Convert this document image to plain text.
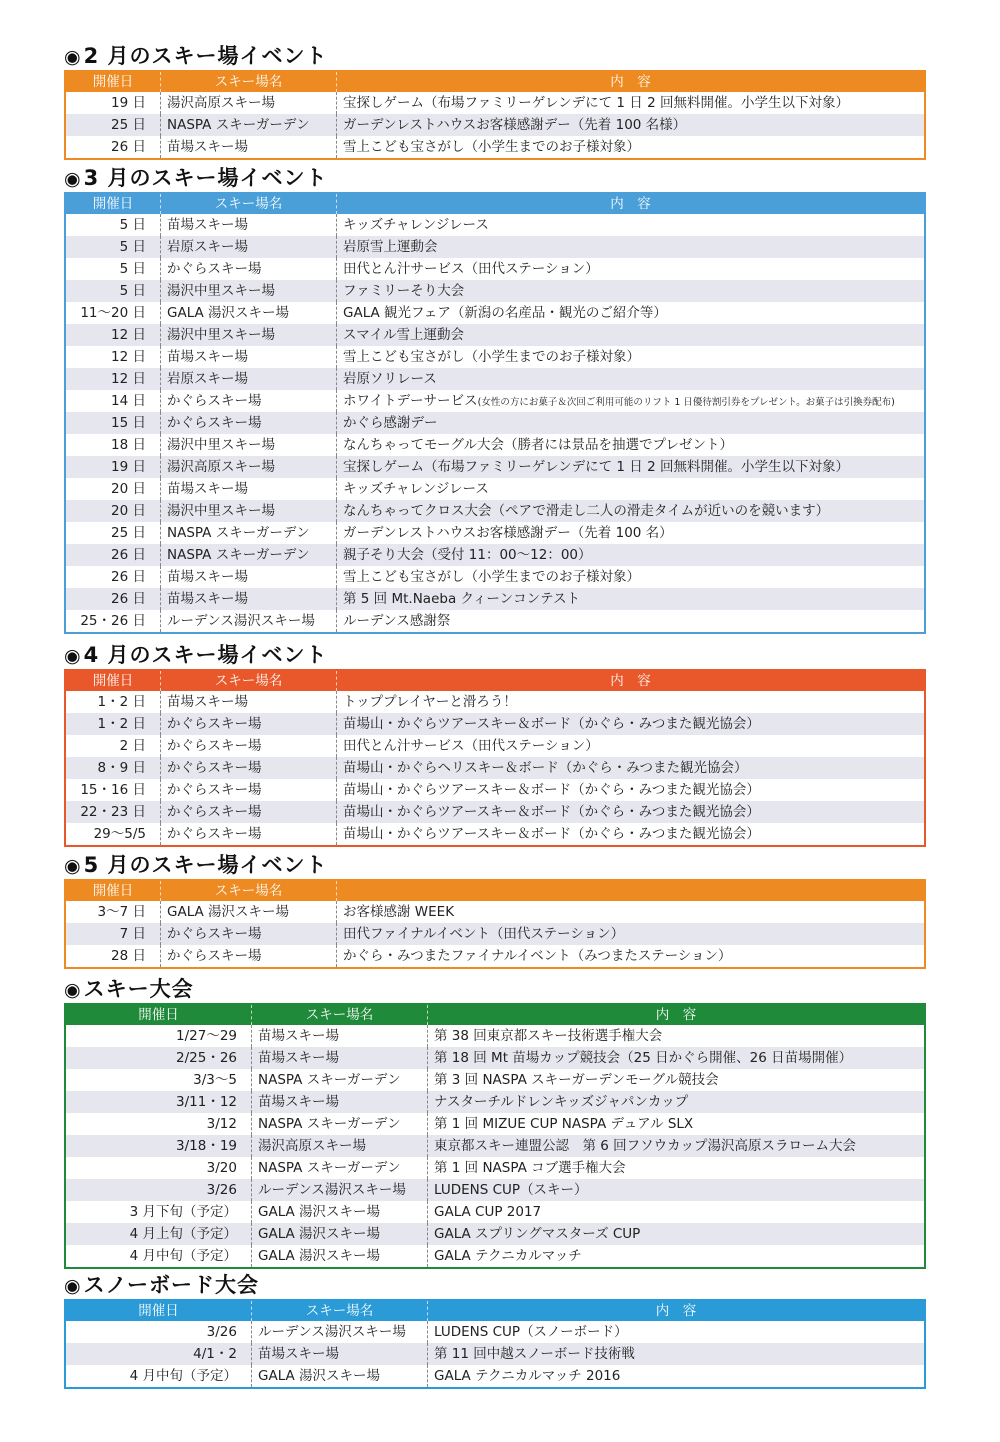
◉2 月のスキー場イベント
開催日	スキー場名	内　容
19 日	湯沢高原スキー場	宝探しゲーム（布場ファミリーゲレンデにて 1 日 2 回無料開催。小学生以下対象）
25 日	NASPA スキーガーデン	ガーデンレストハウスお客様感謝デー（先着 100 名様）
26 日	苗場スキー場	雪上こども宝さがし（小学生までのお子様対象）
◉3 月のスキー場イベント
開催日	スキー場名	内　容
5 日	苗場スキー場	キッズチャレンジレース
5 日	岩原スキー場	岩原雪上運動会
5 日	かぐらスキー場	田代とん汁サービス（田代ステーション）
5 日	湯沢中里スキー場	ファミリーそり大会
11～20 日	GALA 湯沢スキー場	GALA 観光フェア（新潟の名産品・観光のご紹介等）
12 日	湯沢中里スキー場	スマイル雪上運動会
12 日	苗場スキー場	雪上こども宝さがし（小学生までのお子様対象）
12 日	岩原スキー場	岩原ソリレース
14 日	かぐらスキー場	ホワイトデーサービス(女性の方にお菓子＆次回ご利用可能のリフト 1 日優待割引券をプレゼント。お菓子は引換券配布)
15 日	かぐらスキー場	かぐら感謝デー
18 日	湯沢中里スキー場	なんちゃってモーグル大会（勝者には景品を抽選でプレゼント）
19 日	湯沢高原スキー場	宝探しゲーム（布場ファミリーゲレンデにて 1 日 2 回無料開催。小学生以下対象）
20 日	苗場スキー場	キッズチャレンジレース
20 日	湯沢中里スキー場	なんちゃってクロス大会（ペアで滑走し二人の滑走タイムが近いのを競います）
25 日	NASPA スキーガーデン	ガーデンレストハウスお客様感謝デー（先着 100 名）
26 日	NASPA スキーガーデン	親子そり大会（受付 11：00～12：00）
26 日	苗場スキー場	雪上こども宝さがし（小学生までのお子様対象）
26 日	苗場スキー場	第 5 回 Mt.Naeba クィーンコンテスト
25・26 日	ルーデンス湯沢スキー場	ルーデンス感謝祭
◉4 月のスキー場イベント
開催日	スキー場名	内　容
1・2 日	苗場スキー場	トッププレイヤーと滑ろう！
1・2 日	かぐらスキー場	苗場山・かぐらツアースキー＆ボード（かぐら・みつまた観光協会）
2 日	かぐらスキー場	田代とん汁サービス（田代ステーション）
8・9 日	かぐらスキー場	苗場山・かぐらヘリスキー＆ボード（かぐら・みつまた観光協会）
15・16 日	かぐらスキー場	苗場山・かぐらツアースキー＆ボード（かぐら・みつまた観光協会）
22・23 日	かぐらスキー場	苗場山・かぐらツアースキー＆ボード（かぐら・みつまた観光協会）
29～5/5	かぐらスキー場	苗場山・かぐらツアースキー＆ボード（かぐら・みつまた観光協会）
◉5 月のスキー場イベント
開催日	スキー場名
3～7 日	GALA 湯沢スキー場	お客様感謝 WEEK
7 日	かぐらスキー場	田代ファイナルイベント（田代ステーション）
28 日	かぐらスキー場	かぐら・みつまたファイナルイベント（みつまたステーション）
◉スキー大会
開催日	スキー場名	内　容
1/27～29	苗場スキー場	第 38 回東京都スキー技術選手権大会
2/25・26	苗場スキー場	第 18 回 Mt 苗場カップ競技会（25 日かぐら開催、26 日苗場開催）
3/3～5	NASPA スキーガーデン	第 3 回 NASPA スキーガーデンモーグル競技会
3/11・12	苗場スキー場	ナスターチルドレンキッズジャパンカップ
3/12	NASPA スキーガーデン	第 1 回 MIZUE CUP NASPA デュアル SLX
3/18・19	湯沢高原スキー場	東京都スキー連盟公認　第 6 回フソウカップ湯沢高原スラローム大会
3/20	NASPA スキーガーデン	第 1 回 NASPA コブ選手権大会
3/26	ルーデンス湯沢スキー場	LUDENS CUP（スキー）
3 月下旬（予定）	GALA 湯沢スキー場	GALA CUP 2017
4 月上旬（予定）	GALA 湯沢スキー場	GALA スプリングマスターズ CUP
4 月中旬（予定）	GALA 湯沢スキー場	GALA テクニカルマッチ
◉スノーボード大会
開催日	スキー場名	内　容
3/26	ルーデンス湯沢スキー場	LUDENS CUP（スノーボード）
4/1・2	苗場スキー場	第 11 回中越スノーボード技術戦
4 月中旬（予定）	GALA 湯沢スキー場	GALA テクニカルマッチ 2016
